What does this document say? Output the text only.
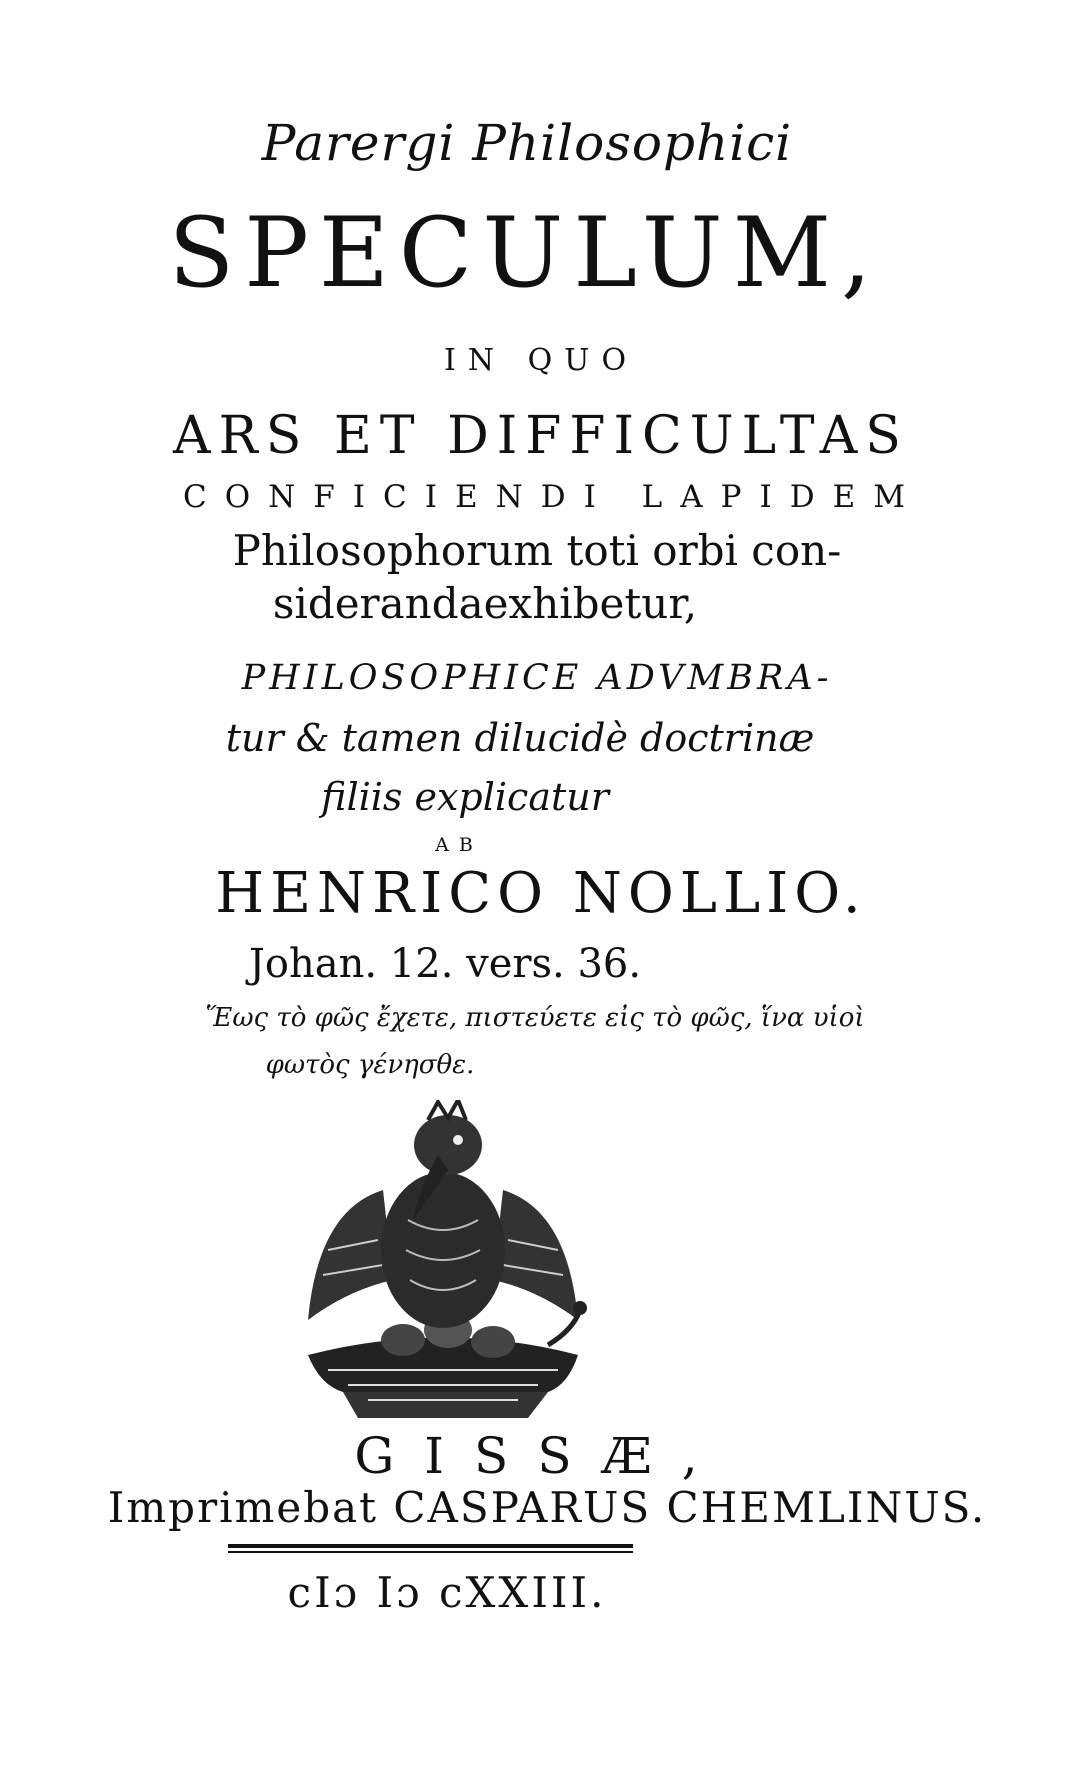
Parergi Philosophici
SPECULUM,
IN QUO
ARS ET DIFFICULTAS
CONFICIENDI LAPIDEM
Philosophorum toti orbi con-
siderandaexhibetur,
PHILOSOPHICE ADVMBRA-
tur & tamen dilucidè doctrinæ
filiis explicatur
AB
HENRICO NOLLIO.
Johan. 12. vers. 36.
Ἕως τὸ φῶς ἔχετε, πιστεύετε εἰς τὸ φῶς, ἵνα υἱοὶ
φωτὸς γένησθε.
GISSÆ,
Imprimebat CASPARUS CHEMLINUS.
cIɔ Iɔ cXXIII.
